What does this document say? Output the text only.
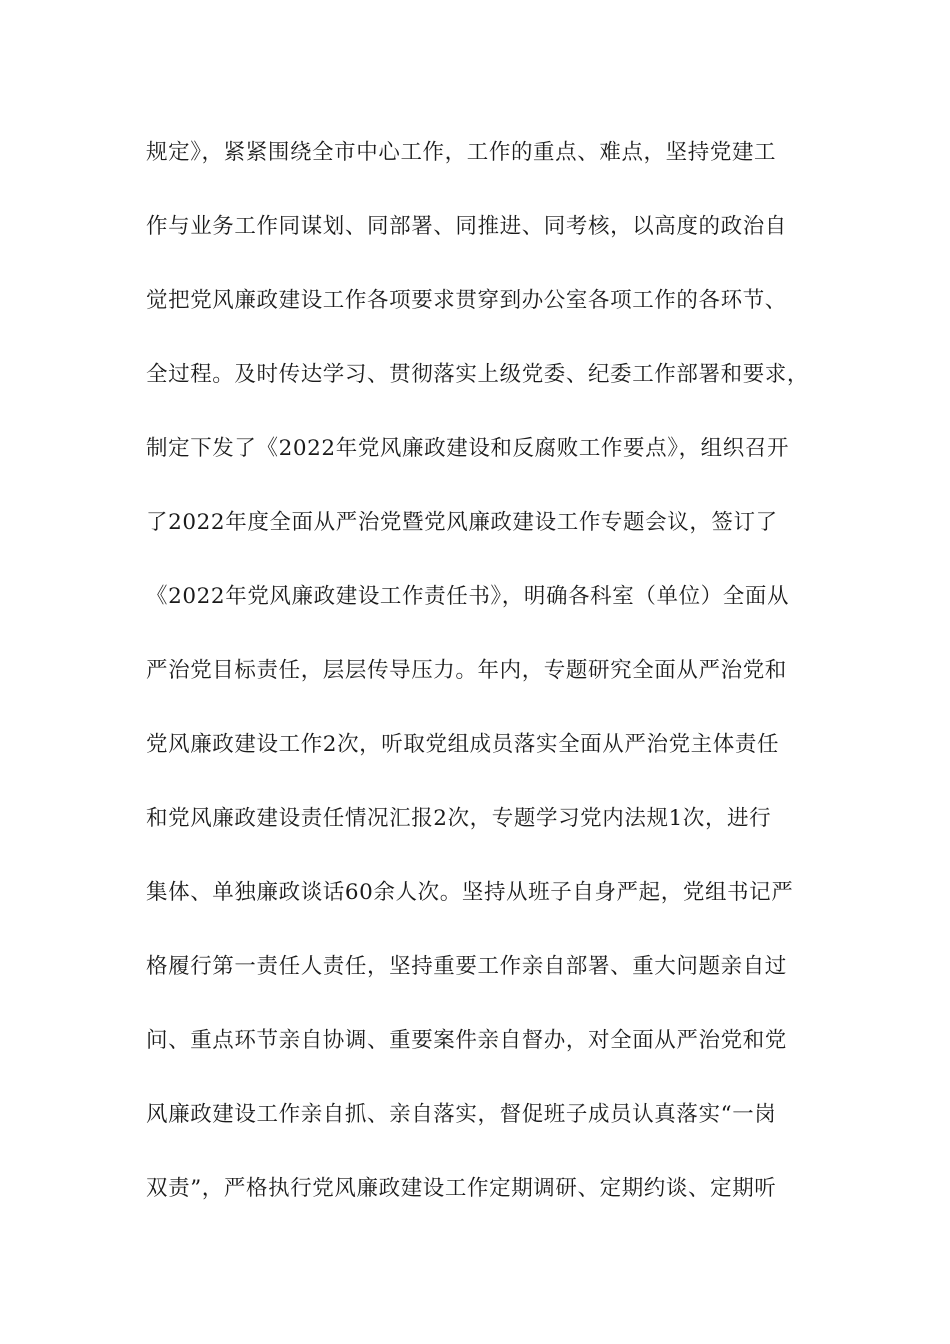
规定》，紧紧围绕全市中心工作，工作的重点、难点，坚持党建工
作与业务工作同谋划、同部署、同推进、同考核，以高度的政治自
觉把党风廉政建设工作各项要求贯穿到办公室各项工作的各环节、
全过程。及时传达学习、贯彻落实上级党委、纪委工作部署和要求，
制定下发了《2022年党风廉政建设和反腐败工作要点》，组织召开
了2022年度全面从严治党暨党风廉政建设工作专题会议，签订了
《2022年党风廉政建设工作责任书》，明确各科室（单位）全面从
严治党目标责任，层层传导压力。年内，专题研究全面从严治党和
党风廉政建设工作2次，听取党组成员落实全面从严治党主体责任
和党风廉政建设责任情况汇报2次，专题学习党内法规1次，进行
集体、单独廉政谈话60余人次。坚持从班子自身严起，党组书记严
格履行第一责任人责任，坚持重要工作亲自部署、重大问题亲自过
问、重点环节亲自协调、重要案件亲自督办，对全面从严治党和党
风廉政建设工作亲自抓、亲自落实，督促班子成员认真落实“一岗
双责”，严格执行党风廉政建设工作定期调研、定期约谈、定期听
